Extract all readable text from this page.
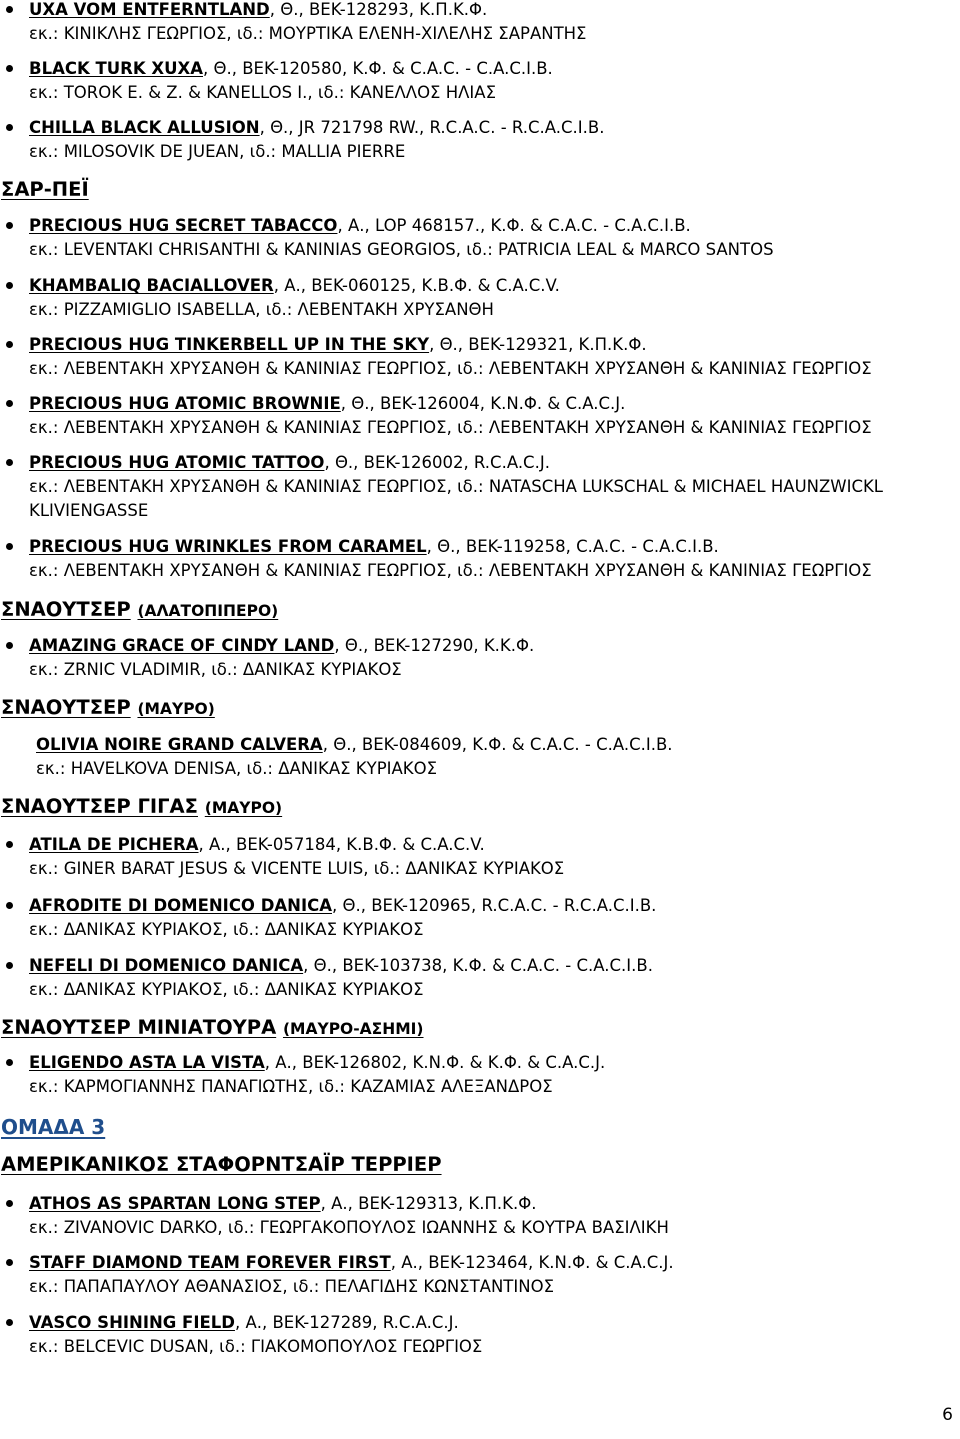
UXA VOM ENTFERNTLAND, Θ., BEK-128293, Κ.Π.Κ.Φ.
εκ.: ΚΙΝΙΚΛΗΣ ΓΕΩΡΓΙΟΣ, ιδ.: ΜΟΥΡΤΙΚΑ ΕΛΕΝΗ-ΧΙΛΕΛΗΣ ΣΑΡΑΝΤΗΣ
BLACK TURK XUXA, Θ., BEK-120580, Κ.Φ. & C.A.C. - C.A.C.I.B.
εκ.: TOROK E. & Z. & KANELLOS I., ιδ.: ΚΑΝΕΛΛΟΣ ΗΛΙΑΣ
CHILLA BLACK ALLUSION, Θ., JR 721798 RW., R.C.A.C. - R.C.A.C.I.B.
εκ.: MILOSOVIK DE JUEAN, ιδ.: MALLIA PIERRE
ΣΑΡ-ΠΕΪ
PRECIOUS HUG SECRET TABACCO, Α., LOP 468157., Κ.Φ. & C.A.C. - C.A.C.I.B.
εκ.: LEVENTAKI CHRISANTHI & KANINIAS GEORGIOS, ιδ.: PATRICIA LEAL & MARCO SANTOS
KHAMBALIQ BACIALLOVER, Α., BEK-060125, Κ.Β.Φ. & C.A.C.V.
εκ.: PIZZAMIGLIO ISABELLA, ιδ.: ΛΕΒΕΝΤΑΚΗ ΧΡΥΣΑΝΘΗ
PRECIOUS HUG TINKERBELL UP IN THE SKY, Θ., BEK-129321, Κ.Π.Κ.Φ.
εκ.: ΛΕΒΕΝΤΑΚΗ ΧΡΥΣΑΝΘΗ & ΚΑΝΙΝΙΑΣ ΓΕΩΡΓΙΟΣ, ιδ.: ΛΕΒΕΝΤΑΚΗ ΧΡΥΣΑΝΘΗ & ΚΑΝΙΝΙΑΣ ΓΕΩΡΓΙΟΣ
PRECIOUS HUG ATOMIC BROWNIE, Θ., BEK-126004, Κ.Ν.Φ. & C.A.C.J.
εκ.: ΛΕΒΕΝΤΑΚΗ ΧΡΥΣΑΝΘΗ & ΚΑΝΙΝΙΑΣ ΓΕΩΡΓΙΟΣ, ιδ.: ΛΕΒΕΝΤΑΚΗ ΧΡΥΣΑΝΘΗ & ΚΑΝΙΝΙΑΣ ΓΕΩΡΓΙΟΣ
PRECIOUS HUG ATOMIC TATTOO, Θ., BEK-126002, R.C.A.C.J.
εκ.: ΛΕΒΕΝΤΑΚΗ ΧΡΥΣΑΝΘΗ & ΚΑΝΙΝΙΑΣ ΓΕΩΡΓΙΟΣ, ιδ.: NATASCHA LUKSCHAL & MICHAEL HAUNZWICKL
KLIVIENGASSE
PRECIOUS HUG WRINKLES FROM CARAMEL, Θ., BEK-119258, C.A.C. - C.A.C.I.B.
εκ.: ΛΕΒΕΝΤΑΚΗ ΧΡΥΣΑΝΘΗ & ΚΑΝΙΝΙΑΣ ΓΕΩΡΓΙΟΣ, ιδ.: ΛΕΒΕΝΤΑΚΗ ΧΡΥΣΑΝΘΗ & ΚΑΝΙΝΙΑΣ ΓΕΩΡΓΙΟΣ
ΣΝΑΟΥΤΣΕΡ (ΑΛΑΤΟΠΙΠΕΡΟ)
AMAZING GRACE OF CINDY LAND, Θ., BEK-127290, Κ.Κ.Φ.
εκ.: ZRNIC VLADIMIR, ιδ.: ΔΑΝΙΚΑΣ ΚΥΡΙΑΚΟΣ
ΣΝΑΟΥΤΣΕΡ (ΜΑΥΡΟ)
OLIVIA NOIRE GRAND CALVERA, Θ., BEK-084609, Κ.Φ. & C.A.C. - C.A.C.I.B.
εκ.: HAVELKOVA DENISA, ιδ.: ΔΑΝΙΚΑΣ ΚΥΡΙΑΚΟΣ
ΣΝΑΟΥΤΣΕΡ ΓΙΓΑΣ (ΜΑΥΡΟ)
ATILA DE PICHERA, Α., BEK-057184, Κ.Β.Φ. & C.A.C.V.
εκ.: GINER BARAT JESUS & VICENTE LUIS, ιδ.: ΔΑΝΙΚΑΣ ΚΥΡΙΑΚΟΣ
AFRODITE DI DOMENICO DANICA, Θ., BEK-120965, R.C.A.C. - R.C.A.C.I.B.
εκ.: ΔΑΝΙΚΑΣ ΚΥΡΙΑΚΟΣ, ιδ.: ΔΑΝΙΚΑΣ ΚΥΡΙΑΚΟΣ
NEFELI DI DOMENICO DANICA, Θ., BEK-103738, Κ.Φ. & C.A.C. - C.A.C.I.B.
εκ.: ΔΑΝΙΚΑΣ ΚΥΡΙΑΚΟΣ, ιδ.: ΔΑΝΙΚΑΣ ΚΥΡΙΑΚΟΣ
ΣΝΑΟΥΤΣΕΡ ΜΙΝΙΑΤΟΥΡΑ (ΜΑΥΡΟ-ΑΣΗΜΙ)
ELIGENDO ASTA LA VISTA, Α., BEK-126802, Κ.Ν.Φ. & Κ.Φ. & C.A.C.J.
εκ.: ΚΑΡΜΟΓΙΑΝΝΗΣ ΠΑΝΑΓΙΩΤΗΣ, ιδ.: ΚΑΖΑΜΙΑΣ ΑΛΕΞΑΝΔΡΟΣ
ΟΜΑΔΑ 3
ΑΜΕΡΙΚΑΝΙΚΟΣ ΣΤΑΦΟΡΝΤΣΑΪΡ ΤΕΡΡΙΕΡ
ATHOS AS SPARTAN LONG STEP, Α., BEK-129313, Κ.Π.Κ.Φ.
εκ.: ZIVANOVIC DARKO, ιδ.: ΓΕΩΡΓΑΚΟΠΟΥΛΟΣ ΙΩΑΝΝΗΣ & ΚΟΥΤΡΑ ΒΑΣΙΛΙΚΗ
STAFF DIAMOND TEAM FOREVER FIRST, Α., BEK-123464, Κ.Ν.Φ. & C.A.C.J.
εκ.: ΠΑΠΑΠΑΥΛΟΥ ΑΘΑΝΑΣΙΟΣ, ιδ.: ΠΕΛΑΓΙΔΗΣ ΚΩΝΣΤΑΝΤΙΝΟΣ
VASCO SHINING FIELD, Α., BEK-127289, R.C.A.C.J.
εκ.: BELCEVIC DUSAN, ιδ.: ΓΙΑΚΟΜΟΠΟΥΛΟΣ ΓΕΩΡΓΙΟΣ
6
